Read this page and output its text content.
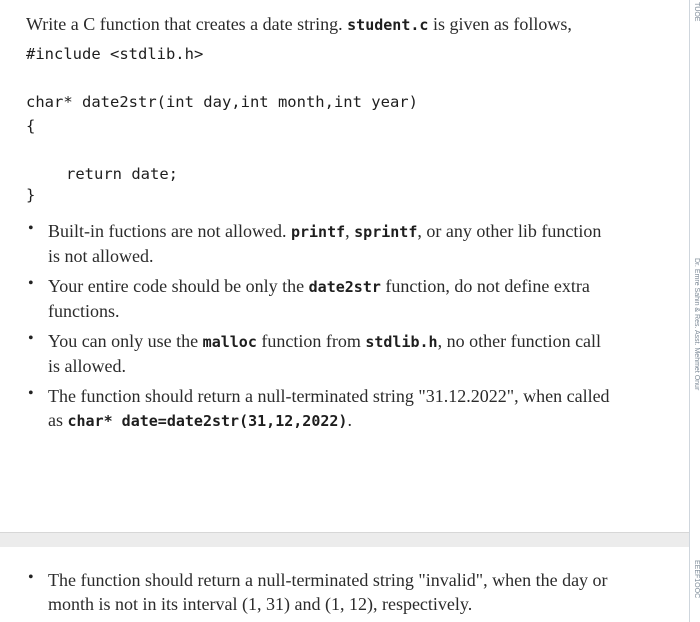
Write a C function that creates a date string. student.c is given as follows,
#include <stdlib.h>
char* date2str(int day,int month,int year)
{
return date;
}
• Built-in fuctions are not allowed. printf, sprintf, or any other lib function
is not allowed.
• Your entire code should be only the date2str function, do not define extra
functions.
• You can only use the malloc function from stdlib.h, no other function call
is allowed.
• The function should return a null-terminated string "31.12.2022", when called
as char* date=date2str(31,12,2022).
• The function should return a null-terminated string "invalid", when the day or
month is not in its interval (1, 31) and (1, 12), respectively.
TUOE
Dr. Emre Sahin & Res. Asst. Mehmet Onur
EEEF1OOC
